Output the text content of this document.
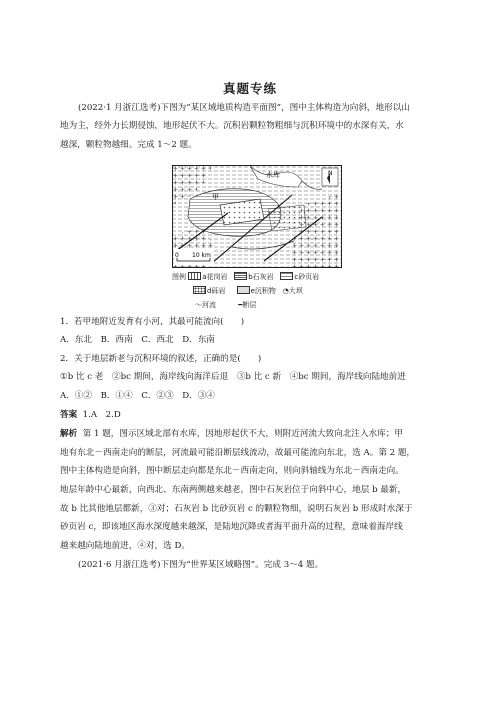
真题专练
(2022·1 月浙江选考)下图为“某区域地质构造平面图”，图中主体构造为向斜，地形以山
地为主，经外力长期侵蚀，地形起伏不大。沉积岩颗粒物粗细与沉积环境中的水深有关，水
越深，颗粒物越细。完成 1～2 题。
水库
甲
N
0 10 km
图例 a花岗岩	b石灰岩	c砂页岩
d砾岩	e沉积物 ◔大坝
〜河流	━断层
1．若甲地附近发育有小河，其最可能流向(　　)
A．东北　B．西南　C．西北　D．东南
2．关于地层新老与沉积环境的叙述，正确的是(　　)
①b 比 c 老　②bc 期间，海岸线向海洋后退　③b 比 c 新　④bc 期间，海岸线向陆地前进
A．①②　B．①④　C．②③　D．③④
答案 1.A　2.D
解析 第 1 题，图示区域北部有水库，因地形起伏不大，则附近河流大致向北注入水库；甲
地有东北－西南走向的断层，河流最可能沿断层线流动，故最可能流向东北，选 A。第 2 题，
图中主体构造是向斜，图中断层走向都是东北－西南走向，则向斜轴线为东北－西南走向。
地层年龄中心最新，向西北、东南两侧越来越老，图中石灰岩位于向斜中心，地层 b 最新，
故 b 比其他地层都新，③对；石灰岩 b 比砂页岩 c 的颗粒物细，说明石灰岩 b 形成时水深于
砂页岩 c，即该地区海水深度越来越深，是陆地沉降或者海平面升高的过程，意味着海岸线
越来越向陆地前进，④对，选 D。
(2021·6 月浙江选考)下图为“世界某区域略图”。完成 3～4 题。
